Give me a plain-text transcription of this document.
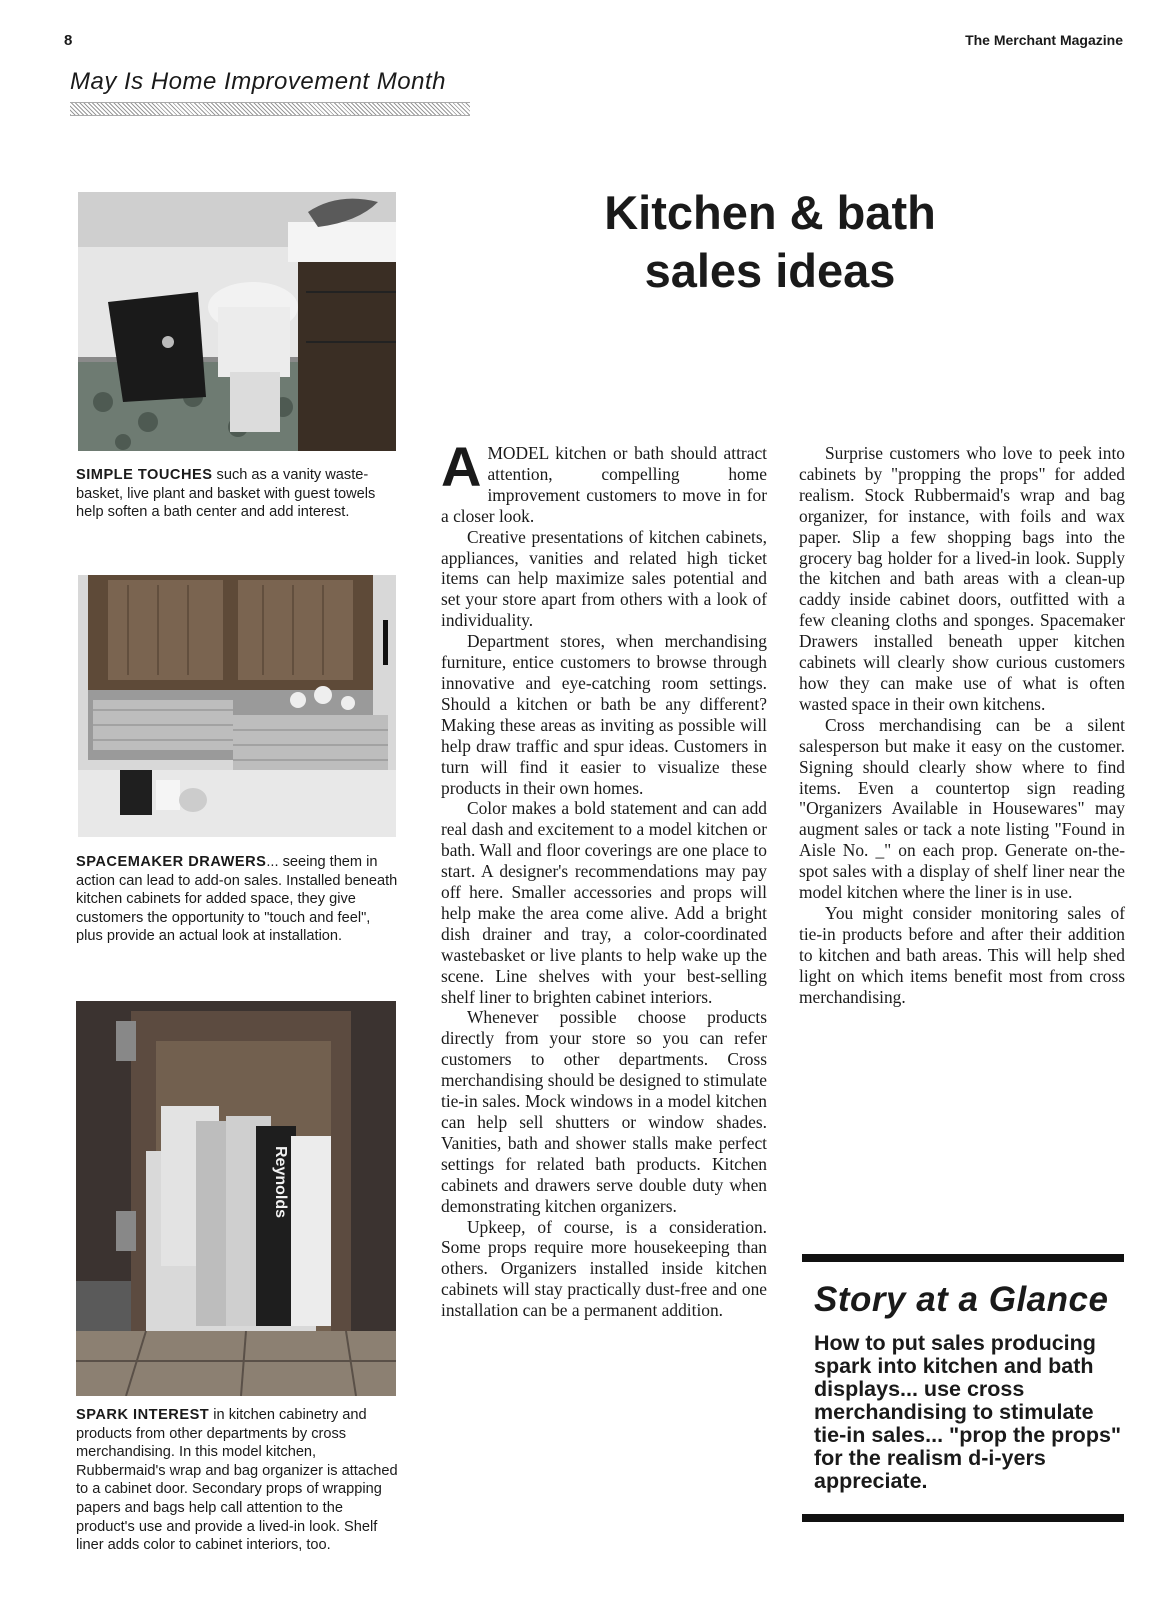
8	The Merchant Magazine
May Is Home Improvement Month
Kitchen & bath
sales ideas

SIMPLE TOUCHES such as a vanity waste-basket, live plant and basket with guest towels help soften a bath center and add interest.

SPACEMAKER DRAWERS... seeing them in action can lead to add-on sales. Installed beneath kitchen cabinets for added space, they give customers the opportunity to "touch and feel", plus provide an actual look at installation.

Reynolds

SPARK INTEREST in kitchen cabinetry and products from other departments by cross merchandising. In this model kitchen, Rubbermaid's wrap and bag organizer is attached to a cabinet door. Secondary props of wrapping papers and bags help call attention to the product's use and provide a lived-in look. Shelf liner adds color to cabinet interiors, too.

AMODEL kitchen or bath should attract attention, compelling home improvement customers to move in for a closer look.

Creative presentations of kitchen cabinets, appliances, vanities and related high ticket items can help maximize sales potential and set your store apart from others with a look of individuality.

Department stores, when merchandising furniture, entice customers to browse through innovative and eye-catching room settings. Should a kitchen or bath be any different? Making these areas as inviting as possible will help draw traffic and spur ideas. Customers in turn will find it easier to visualize these products in their own homes.

Color makes a bold statement and can add real dash and excitement to a model kitchen or bath. Wall and floor coverings are one place to start. A designer's recommendations may pay off here. Smaller accessories and props will help make the area come alive. Add a bright dish drainer and tray, a color-coordinated wastebasket or live plants to help wake up the scene. Line shelves with your best-selling shelf liner to brighten cabinet interiors.

Whenever possible choose products directly from your store so you can refer customers to other departments. Cross merchandising should be designed to stimulate tie-in sales. Mock windows in a model kitchen can help sell shutters or window shades. Vanities, bath and shower stalls make perfect settings for related bath products. Kitchen cabinets and drawers serve double duty when demonstrating kitchen organizers.

Upkeep, of course, is a consideration. Some props require more housekeeping than others. Organizers installed inside kitchen cabinets will stay practically dust-free and one installation can be a permanent addition.

Surprise customers who love to peek into cabinets by "propping the props" for added realism. Stock Rubbermaid's wrap and bag organizer, for instance, with foils and wax paper. Slip a few shopping bags into the grocery bag holder for a lived-in look. Supply the kitchen and bath areas with a clean-up caddy inside cabinet doors, outfitted with a few cleaning cloths and sponges. Spacemaker Drawers installed beneath upper kitchen cabinets will clearly show curious customers how they can make use of what is often wasted space in their own kitchens.

Cross merchandising can be a silent salesperson but make it easy on the customer. Signing should clearly show where to find items. Even a countertop sign reading "Organizers Available in Housewares" may augment sales or tack a note listing "Found in Aisle No. _" on each prop. Generate on-the-spot sales with a display of shelf liner near the model kitchen where the liner is in use.

You might consider monitoring sales of tie-in products before and after their addition to kitchen and bath areas. This will help shed light on which items benefit most from cross merchandising.

Story at a Glance

How to put sales producing spark into kitchen and bath displays... use cross merchandising to stimulate tie-in sales... "prop the props" for the realism d-i-yers appreciate.
